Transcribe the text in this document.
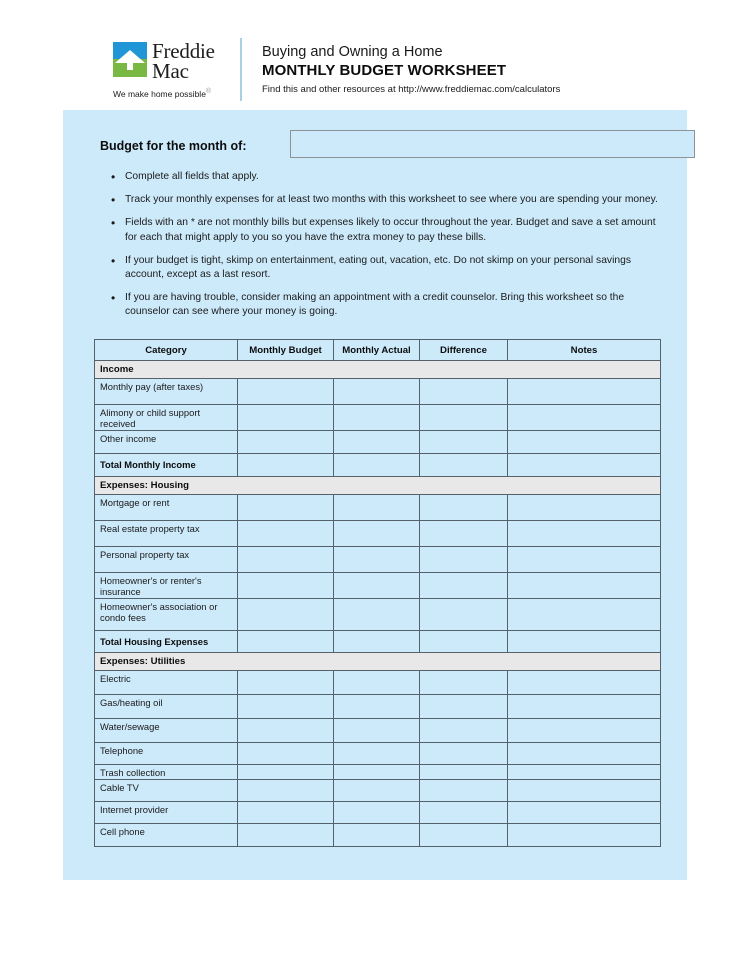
Freddie
Mac
We make home possible®
Buying and Owning a Home
MONTHLY BUDGET WORKSHEET
Find this and other resources at http://www.freddiemac.com/calculators
Budget for the month of:
• Complete all fields that apply.
• Track your monthly expenses for at least two months with this worksheet to see where you are spending your money.
• Fields with an * are not monthly bills but expenses likely to occur throughout the year. Budget and save a set amount for each that might apply to you so you have the extra money to pay these bills.
• If your budget is tight, skimp on entertainment, eating out, vacation, etc. Do not skimp on your personal savings account, except as a last resort.
• If you are having trouble, consider making an appointment with a credit counselor. Bring this worksheet so the counselor can see where your money is going.
Category	Monthly Budget	Monthly Actual	Difference	Notes
Income				
Monthly pay (after taxes)				
Alimony or child support received				
Other income				
Total Monthly Income				
Expenses: Housing				
Mortgage or rent				
Real estate property tax				
Personal property tax				
Homeowner's or renter's insurance				
Homeowner's association or condo fees				
Total Housing Expenses				
Expenses: Utilities				
Electric				
Gas/heating oil				
Water/sewage				
Telephone				
Trash collection				
Cable TV				
Internet provider				
Cell phone				
